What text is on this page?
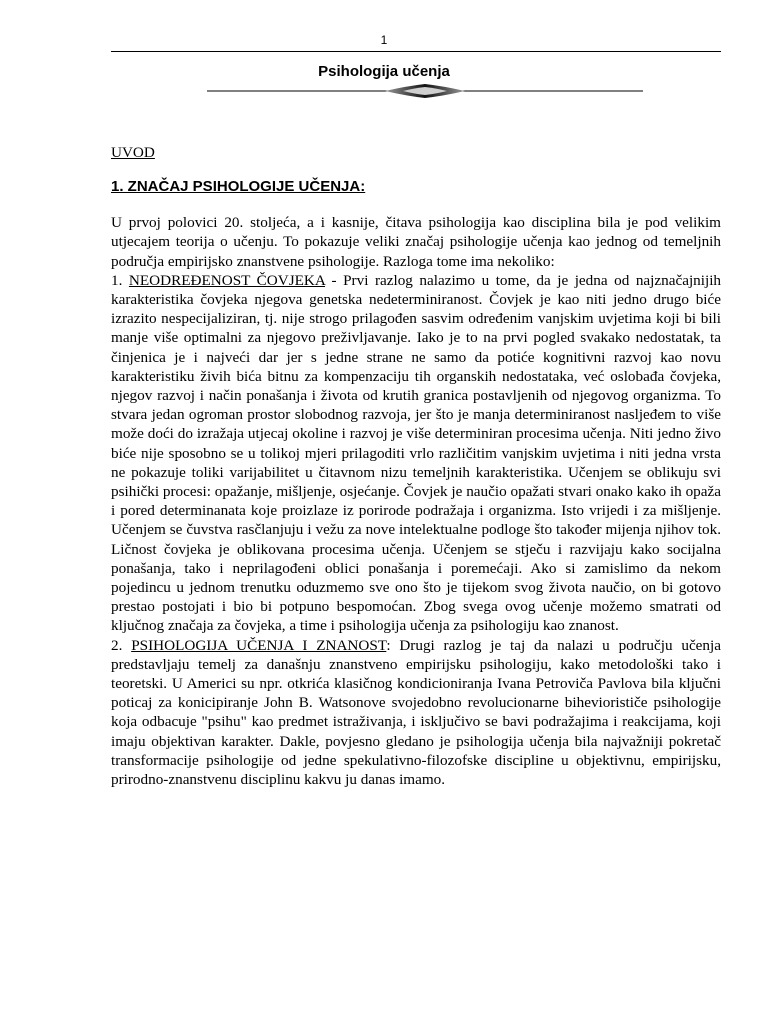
1
Psihologija učenja

UVOD

1. ZNAČAJ PSIHOLOGIJE UČENJA:

U prvoj polovici 20. stoljeća, a i kasnije, čitava psihologija kao disciplina bila je pod velikim utjecajem teorija o učenju. To pokazuje veliki značaj psihologije učenja kao jednog od temeljnih područja empirijsko znanstvene psihologije. Razloga tome ima nekoliko:

1. NEODREĐENOST ČOVJEKA - Prvi razlog nalazimo u tome, da je jedna od najznačajnijih karakteristika čovjeka njegova genetska nedeterminiranost. Čovjek je kao niti jedno drugo biće izrazito nespecijaliziran, tj. nije strogo prilagođen sasvim određenim vanjskim uvjetima koji bi bili manje više optimalni za njegovo preživljavanje. Iako je to na prvi pogled svakako nedostatak, ta činjenica je i najveći dar jer s jedne strane ne samo da potiće kognitivni razvoj kao novu karakteristiku živih bića bitnu za kompenzaciju tih organskih nedostataka, već oslobađa čovjeka, njegov razvoj i način ponašanja i života od krutih granica postavljenih od njegovog organizma. To stvara jedan ogroman prostor slobodnog razvoja, jer što je manja determiniranost nasljeđem to više može doći do izražaja utjecaj okoline i razvoj je više determiniran procesima učenja. Niti jedno živo biće nije sposobno se u tolikoj mjeri prilagoditi vrlo različitim vanjskim uvjetima i niti jedna vrsta ne pokazuje toliki varijabilitet u čitavnom nizu temeljnih karakteristika. Učenjem se oblikuju svi psihički procesi: opažanje, mišljenje, osjećanje. Čovjek je naučio opažati stvari onako kako ih opaža i pored determinanata koje proizlaze iz porirode podražaja i organizma. Isto vrijedi i za mišljenje. Učenjem se čuvstva rasčlanjuju i vežu za nove intelektualne podloge što također mijenja njihov tok. Ličnost čovjeka je oblikovana procesima učenja. Učenjem se stječu i razvijaju kako socijalna ponašanja, tako i neprilagođeni oblici ponašanja i poremećaji. Ako si zamislimo da nekom pojedincu u jednom trenutku oduzmemo sve ono što je tijekom svog života naučio, on bi gotovo prestao postojati i bio bi potpuno bespomoćan. Zbog svega ovog učenje možemo smatrati od ključnog značaja za čovjeka, a time i psihologija učenja za psihologiju kao znanost.

2. PSIHOLOGIJA UČENJA I ZNANOST: Drugi razlog je taj da nalazi u području učenja predstavljaju temelj za današnju znanstveno empirijsku psihologiju, kako metodološki tako i teoretski. U Americi su npr. otkrića klasičnog kondicioniranja Ivana Petroviča Pavlova bila ključni poticaj za konicipiranje John B. Watsonove svojedobno revolucionarne biheviorističe psihologije koja odbacuje "psihu" kao predmet istraživanja, i isključivo se bavi podražajima i reakcijama, koji imaju objektivan karakter. Dakle, povjesno gledano je psihologija učenja bila najvažniji pokretač transformacije psihologije od jedne spekulativno-filozofske discipline u objektivnu, empirijsku, prirodno-znanstvenu disciplinu kakvu ju danas imamo.
